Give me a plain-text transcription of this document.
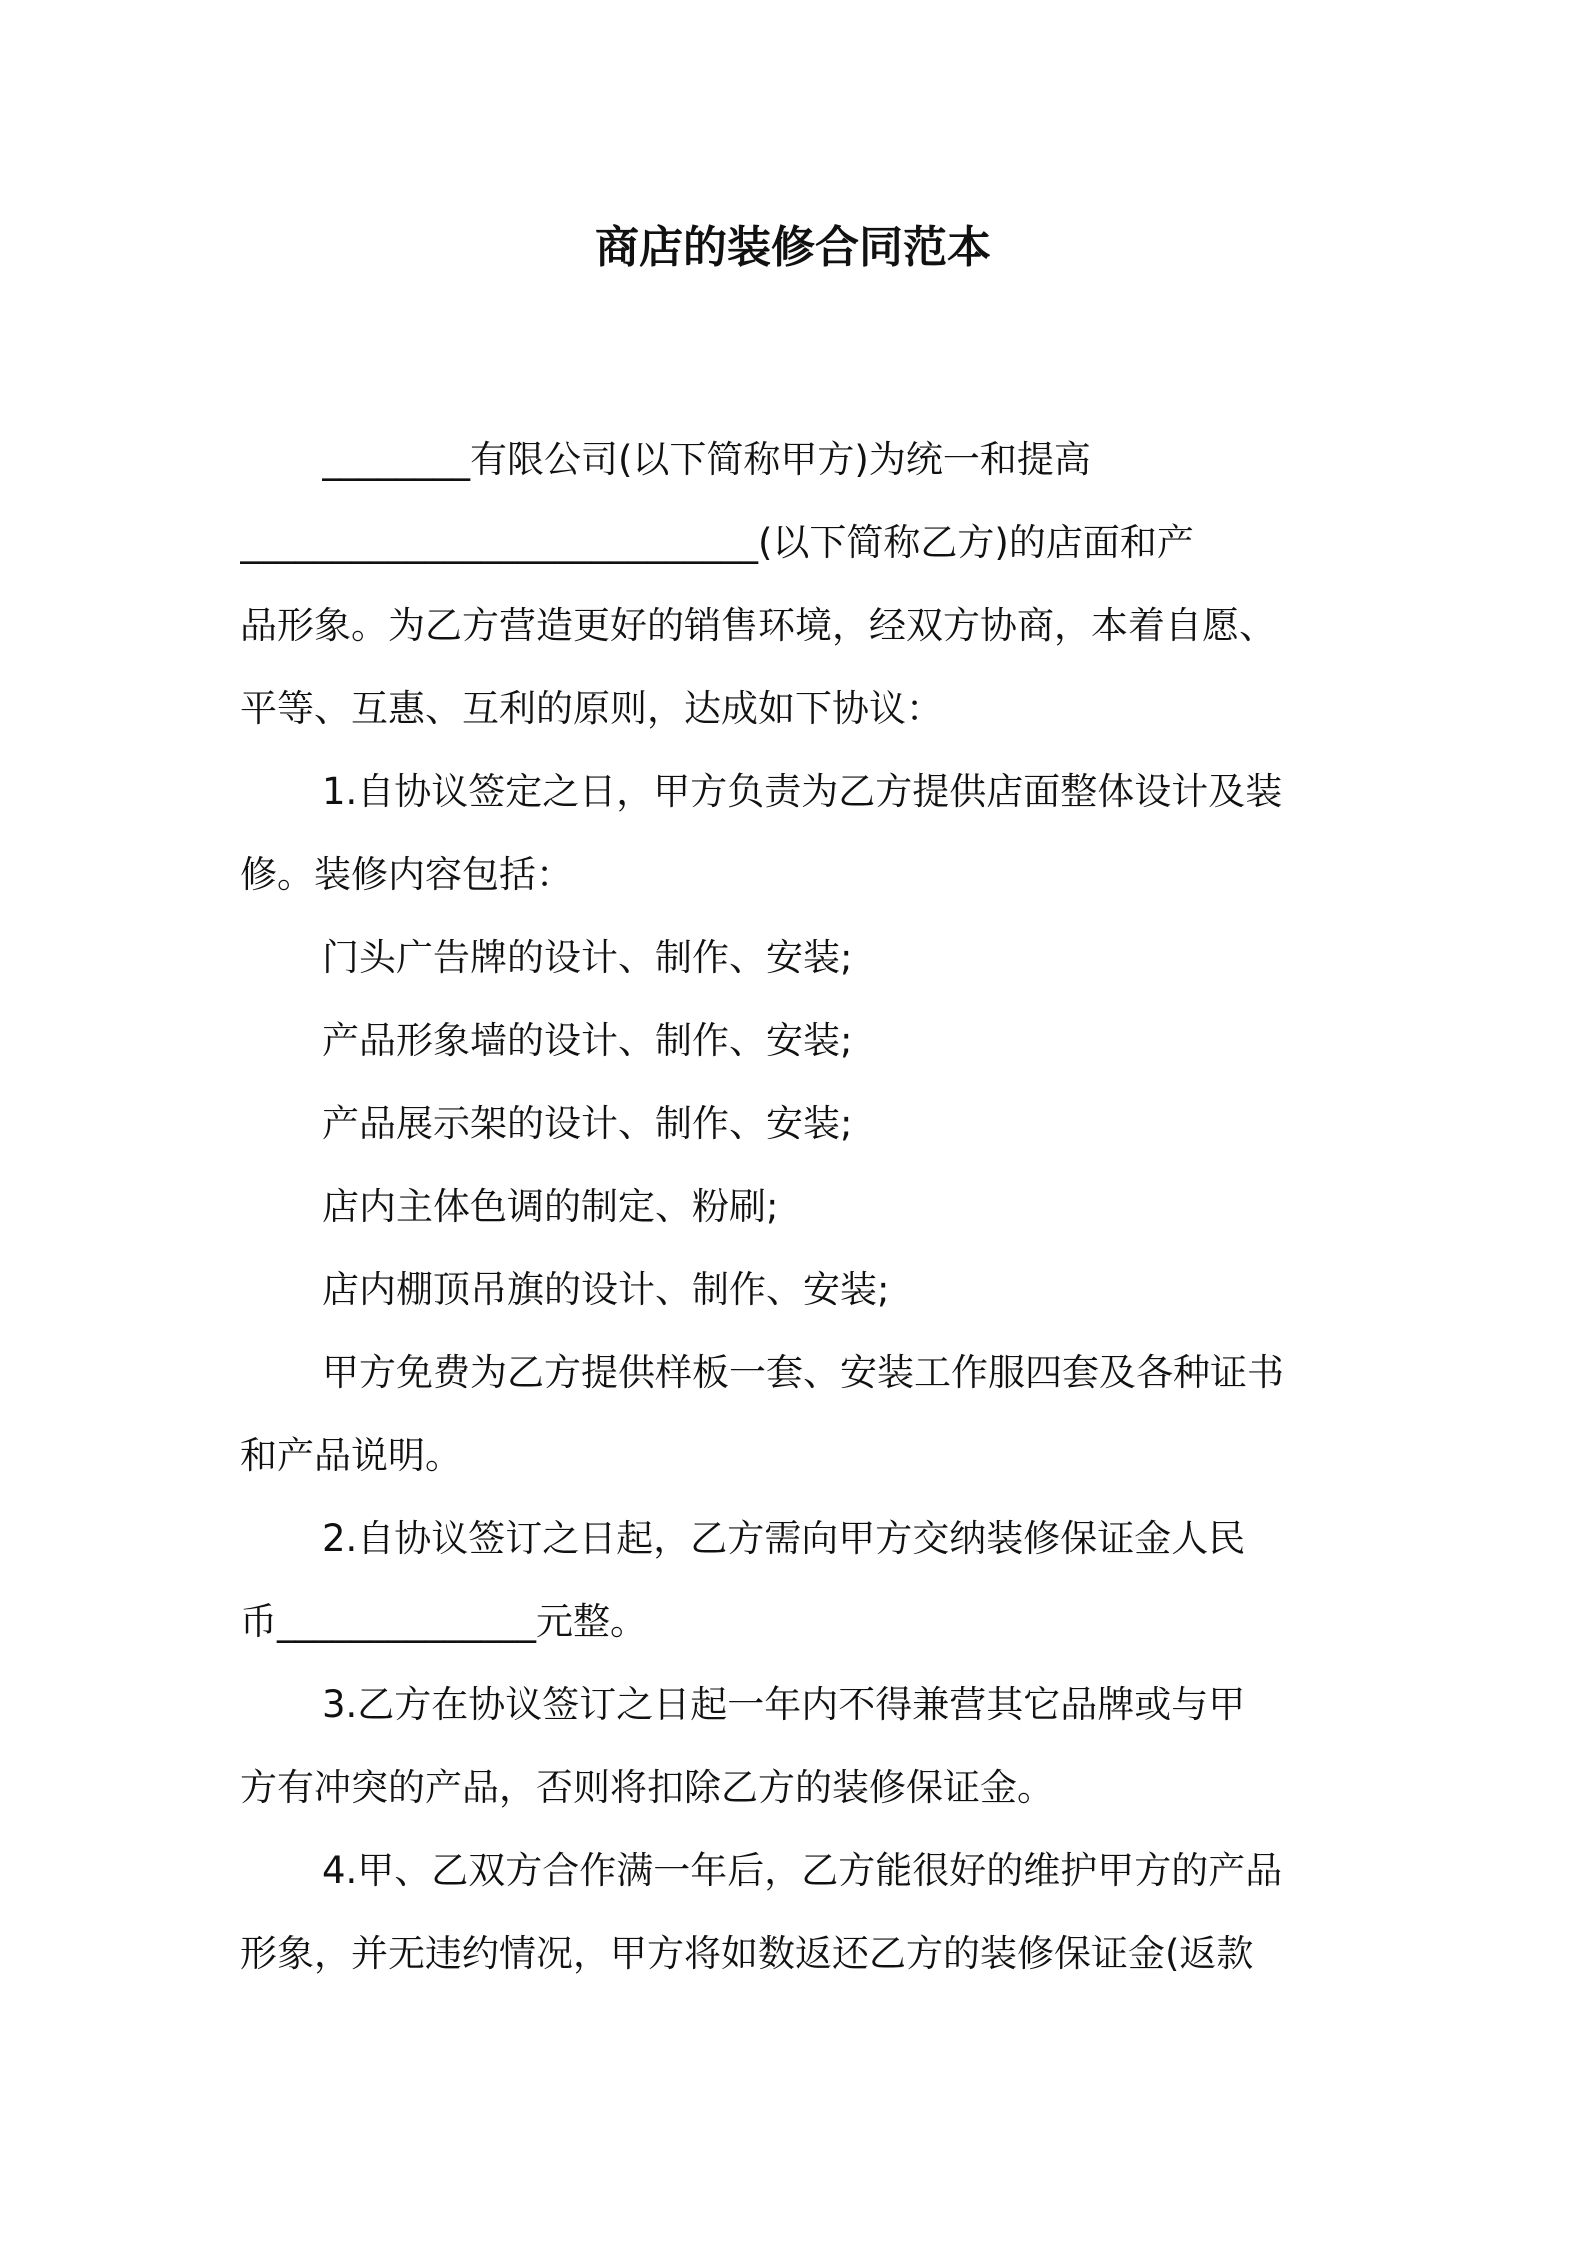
商店的装修合同范本
________有限公司(以下简称甲方)为统一和提高
____________________________(以下简称乙方)的店面和产
品形象。为乙方营造更好的销售环境，经双方协商，本着自愿、
平等、互惠、互利的原则，达成如下协议：
1.自协议签定之日，甲方负责为乙方提供店面整体设计及装
修。装修内容包括：
门头广告牌的设计、制作、安装;
产品形象墙的设计、制作、安装;
产品展示架的设计、制作、安装;
店内主体色调的制定、粉刷;
店内棚顶吊旗的设计、制作、安装;
甲方免费为乙方提供样板一套、安装工作服四套及各种证书
和产品说明。
2.自协议签订之日起，乙方需向甲方交纳装修保证金人民
币______________元整。
3.乙方在协议签订之日起一年内不得兼营其它品牌或与甲
方有冲突的产品，否则将扣除乙方的装修保证金。
4.甲、乙双方合作满一年后，乙方能很好的维护甲方的产品
形象，并无违约情况，甲方将如数返还乙方的装修保证金(返款
